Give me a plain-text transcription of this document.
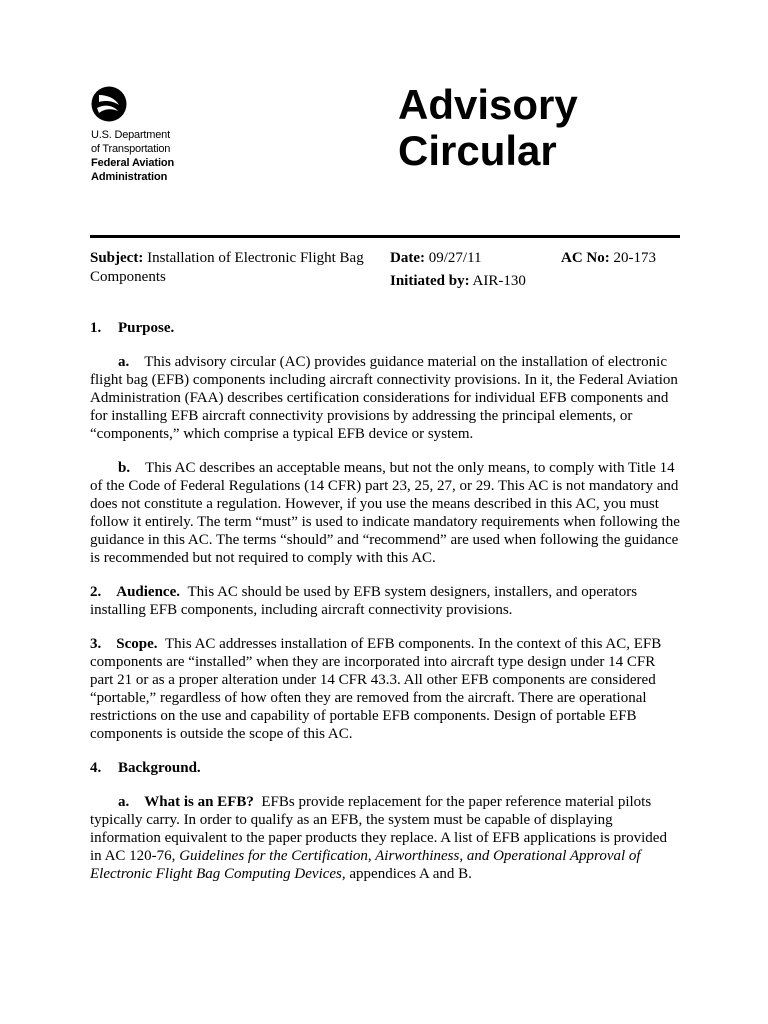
U.S. Department
of Transportation
Federal Aviation
Administration
Advisory
Circular
Subject: Installation of Electronic Flight Bag Components
Date: 09/27/11
Initiated by: AIR-130
AC No: 20-173

1. Purpose.

a. This advisory circular (AC) provides guidance material on the installation of electronic flight bag (EFB) components including aircraft connectivity provisions. In it, the Federal Aviation Administration (FAA) describes certification considerations for individual EFB components and for installing EFB aircraft connectivity provisions by addressing the principal elements, or “components,” which comprise a typical EFB device or system.

b. This AC describes an acceptable means, but not the only means, to comply with Title 14 of the Code of Federal Regulations (14 CFR) part 23, 25, 27, or 29. This AC is not mandatory and does not constitute a regulation. However, if you use the means described in this AC, you must follow it entirely. The term “must” is used to indicate mandatory requirements when following the guidance in this AC. The terms “should” and “recommend” are used when following the guidance is recommended but not required to comply with this AC.

2. Audience. This AC should be used by EFB system designers, installers, and operators installing EFB components, including aircraft connectivity provisions.

3. Scope. This AC addresses installation of EFB components. In the context of this AC, EFB components are “installed” when they are incorporated into aircraft type design under 14 CFR part 21 or as a proper alteration under 14 CFR 43.3. All other EFB components are considered “portable,” regardless of how often they are removed from the aircraft. There are operational restrictions on the use and capability of portable EFB components. Design of portable EFB components is outside the scope of this AC.

4. Background.

a. What is an EFB? EFBs provide replacement for the paper reference material pilots typically carry. In order to qualify as an EFB, the system must be capable of displaying information equivalent to the paper products they replace. A list of EFB applications is provided in AC 120-76, Guidelines for the Certification, Airworthiness, and Operational Approval of Electronic Flight Bag Computing Devices, appendices A and B.
